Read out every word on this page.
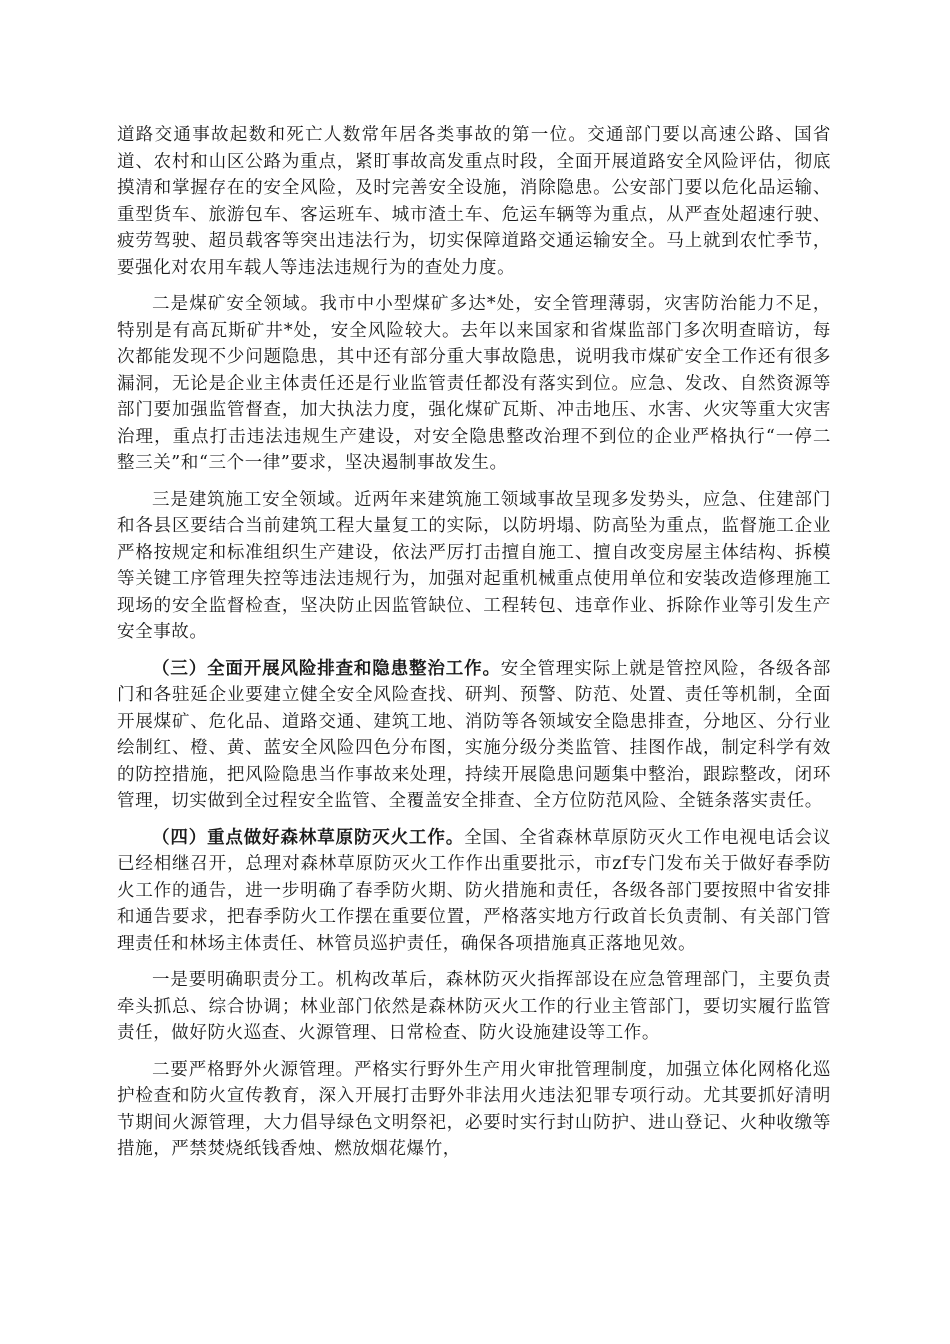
道路交通事故起数和死亡人数常年居各类事故的第一位。交通部门要以高速公路、国省道、农村和山区公路为重点，紧盯事故高发重点时段，全面开展道路安全风险评估，彻底摸清和掌握存在的安全风险，及时完善安全设施，消除隐患。公安部门要以危化品运输、重型货车、旅游包车、客运班车、城市渣土车、危运车辆等为重点，从严查处超速行驶、疲劳驾驶、超员载客等突出违法行为，切实保障道路交通运输安全。马上就到农忙季节，要强化对农用车载人等违法违规行为的查处力度。

二是煤矿安全领域。我市中小型煤矿多达*处，安全管理薄弱，灾害防治能力不足，特别是有高瓦斯矿井*处，安全风险较大。去年以来国家和省煤监部门多次明查暗访，每次都能发现不少问题隐患，其中还有部分重大事故隐患，说明我市煤矿安全工作还有很多漏洞，无论是企业主体责任还是行业监管责任都没有落实到位。应急、发改、自然资源等部门要加强监管督查，加大执法力度，强化煤矿瓦斯、冲击地压、水害、火灾等重大灾害治理，重点打击违法违规生产建设，对安全隐患整改治理不到位的企业严格执行“一停二整三关”和“三个一律”要求，坚决遏制事故发生。

三是建筑施工安全领域。近两年来建筑施工领域事故呈现多发势头，应急、住建部门和各县区要结合当前建筑工程大量复工的实际，以防坍塌、防高坠为重点，监督施工企业严格按规定和标准组织生产建设，依法严厉打击擅自施工、擅自改变房屋主体结构、拆模等关键工序管理失控等违法违规行为，加强对起重机械重点使用单位和安装改造修理施工现场的安全监督检查，坚决防止因监管缺位、工程转包、违章作业、拆除作业等引发生产安全事故。

（三）全面开展风险排查和隐患整治工作。安全管理实际上就是管控风险，各级各部门和各驻延企业要建立健全安全风险查找、研判、预警、防范、处置、责任等机制，全面开展煤矿、危化品、道路交通、建筑工地、消防等各领域安全隐患排查，分地区、分行业绘制红、橙、黄、蓝安全风险四色分布图，实施分级分类监管、挂图作战，制定科学有效的防控措施，把风险隐患当作事故来处理，持续开展隐患问题集中整治，跟踪整改，闭环管理，切实做到全过程安全监管、全覆盖安全排查、全方位防范风险、全链条落实责任。

（四）重点做好森林草原防灭火工作。全国、全省森林草原防灭火工作电视电话会议已经相继召开，总理对森林草原防灭火工作作出重要批示，市zf专门发布关于做好春季防火工作的通告，进一步明确了春季防火期、防火措施和责任，各级各部门要按照中省安排和通告要求，把春季防火工作摆在重要位置，严格落实地方行政首长负责制、有关部门管理责任和林场主体责任、林管员巡护责任，确保各项措施真正落地见效。

一是要明确职责分工。机构改革后，森林防灭火指挥部设在应急管理部门，主要负责牵头抓总、综合协调；林业部门依然是森林防灭火工作的行业主管部门，要切实履行监管责任，做好防火巡查、火源管理、日常检查、防火设施建设等工作。

二要严格野外火源管理。严格实行野外生产用火审批管理制度，加强立体化网格化巡护检查和防火宣传教育，深入开展打击野外非法用火违法犯罪专项行动。尤其要抓好清明节期间火源管理，大力倡导绿色文明祭祀，必要时实行封山防护、进山登记、火种收缴等措施，严禁焚烧纸钱香烛、燃放烟花爆竹，
